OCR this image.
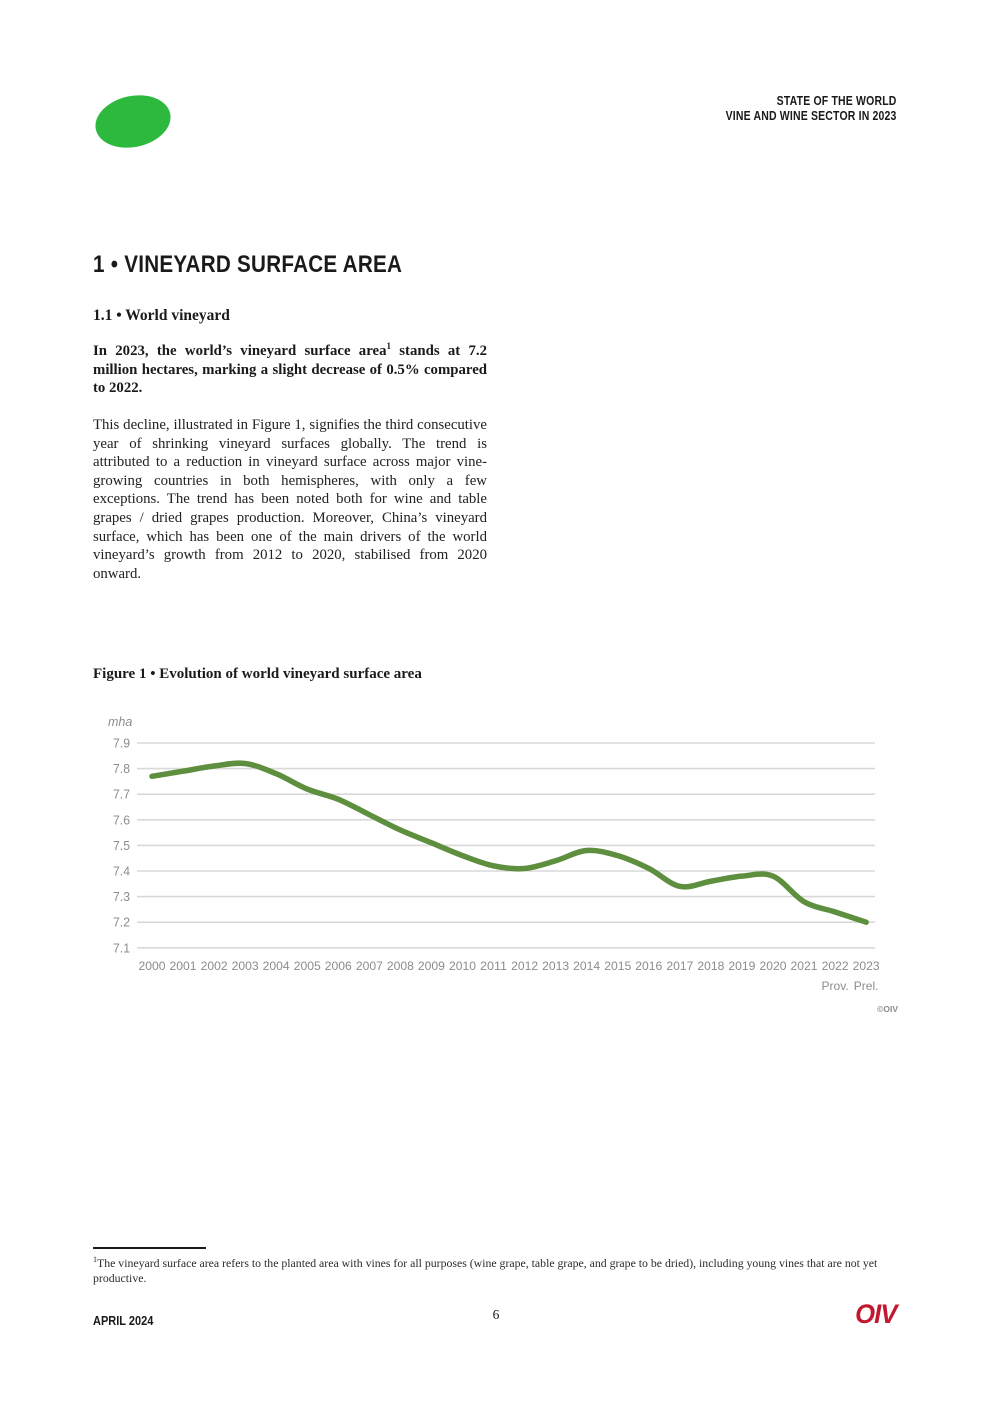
STATE OF THE WORLD
VINE AND WINE SECTOR IN 2023
1 • VINEYARD SURFACE AREA
1.1 • World vineyard

In 2023, the world’s vineyard surface area$^1$ stands at 7.2 million hectares, marking a slight decrease of 0.5% compared to 2022.

This decline, illustrated in Figure 1, signifies the third consecutive year of shrinking vineyard surfaces globally. The trend is attributed to a reduction in vineyard surface across major vine-growing countries in both hemispheres, with only a few exceptions. The trend has been noted both for wine and table grapes / dried grapes production. Moreover, China’s vineyard surface, which has been one of the main drivers of the world vineyard’s growth from 2012 to 2020, stabilised from 2020 onward.

Figure 1 • Evolution of world vineyard surface area
7.9
7.8
7.7
7.6
7.5
7.4
7.3
7.2
7.1
mha
2000 2001 2002 2003 2004 2005 2006 2007 2008 2009 2010 2011 2012 2013 2014 2015 2016 2017 2018 2019 2020 2021 2022 2023
Prov. Prel.
©OIV

$^1$The vineyard surface area refers to the planted area with vines for all purposes (wine grape, table grape, and grape to be dried), including young vines that are not yet productive.

APRIL 2024	6	OIV
